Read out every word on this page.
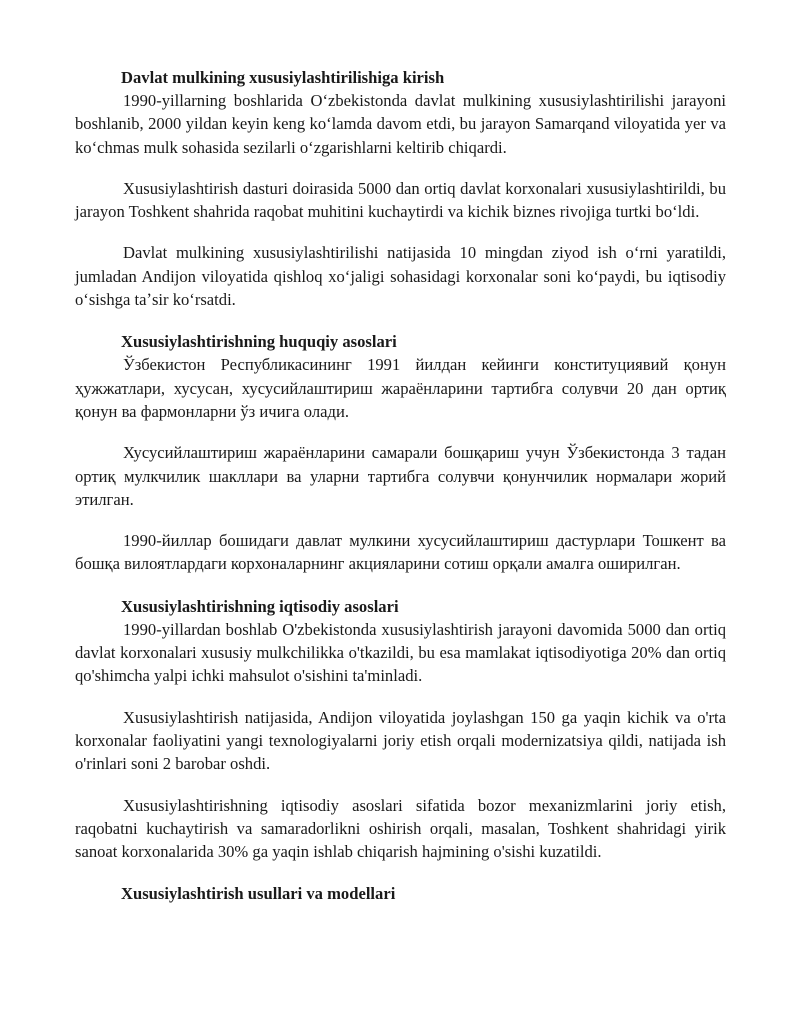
Davlat mulkining xususiylashtirilishiga kirish

1990-yillarning boshlarida Oʻzbekistonda davlat mulkining xususiylashtirilishi jarayoni boshlanib, 2000 yildan keyin keng koʻlamda davom etdi, bu jarayon Samarqand viloyatida yer va koʻchmas mulk sohasida sezilarli oʻzgarishlarni keltirib chiqardi.

Xususiylashtirish dasturi doirasida 5000 dan ortiq davlat korxonalari xususiylashtirildi, bu jarayon Toshkent shahrida raqobat muhitini kuchaytirdi va kichik biznes rivojiga turtki boʻldi.

Davlat mulkining xususiylashtirilishi natijasida 10 mingdan ziyod ish oʻrni yaratildi, jumladan Andijon viloyatida qishloq xoʻjaligi sohasidagi korxonalar soni koʻpaydi, bu iqtisodiy oʻsishga taʼsir koʻrsatdi.

Xususiylashtirishning huquqiy asoslari

Ўзбекистон Республикасининг 1991 йилдан кейинги конституциявий қонун ҳужжатлари, хусусан, хусусийлаштириш жараёнларини тартибга солувчи 20 дан ортиқ қонун ва фармонларни ўз ичига олади.

Хусусийлаштириш жараёнларини самарали бошқариш учун Ўзбекистонда 3 тадан ортиқ мулкчилик шакллари ва уларни тартибга солувчи қонунчилик нормалари жорий этилган.

1990-йиллар бошидаги давлат мулкини хусусийлаштириш дастурлари Тошкент ва бошқа вилоятлардаги корхоналарнинг акцияларини сотиш орқали амалга оширилган.

Xususiylashtirishning iqtisodiy asoslari

1990-yillardan boshlab O'zbekistonda xususiylashtirish jarayoni davomida 5000 dan ortiq davlat korxonalari xususiy mulkchilikka o'tkazildi, bu esa mamlakat iqtisodiyotiga 20% dan ortiq qo'shimcha yalpi ichki mahsulot o'sishini ta'minladi.

Xususiylashtirish natijasida, Andijon viloyatida joylashgan 150 ga yaqin kichik va o'rta korxonalar faoliyatini yangi texnologiyalarni joriy etish orqali modernizatsiya qildi, natijada ish o'rinlari soni 2 barobar oshdi.

Xususiylashtirishning iqtisodiy asoslari sifatida bozor mexanizmlarini joriy etish, raqobatni kuchaytirish va samaradorlikni oshirish orqali, masalan, Toshkent shahridagi yirik sanoat korxonalarida 30% ga yaqin ishlab chiqarish hajmining o'sishi kuzatildi.

Xususiylashtirish usullari va modellari
